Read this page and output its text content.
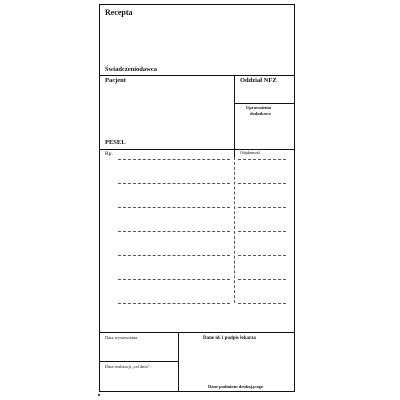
Recepta
Świadczeniodawca
Pacjent
PESEL
Oddział NFZ
Uprawnienia
dodatkowe
Rp.	Odpłatność
Data wystawienia
Data realizacji „od dnia":
Dane id. i podpis lekarza
Dane podmiotu drukującego
